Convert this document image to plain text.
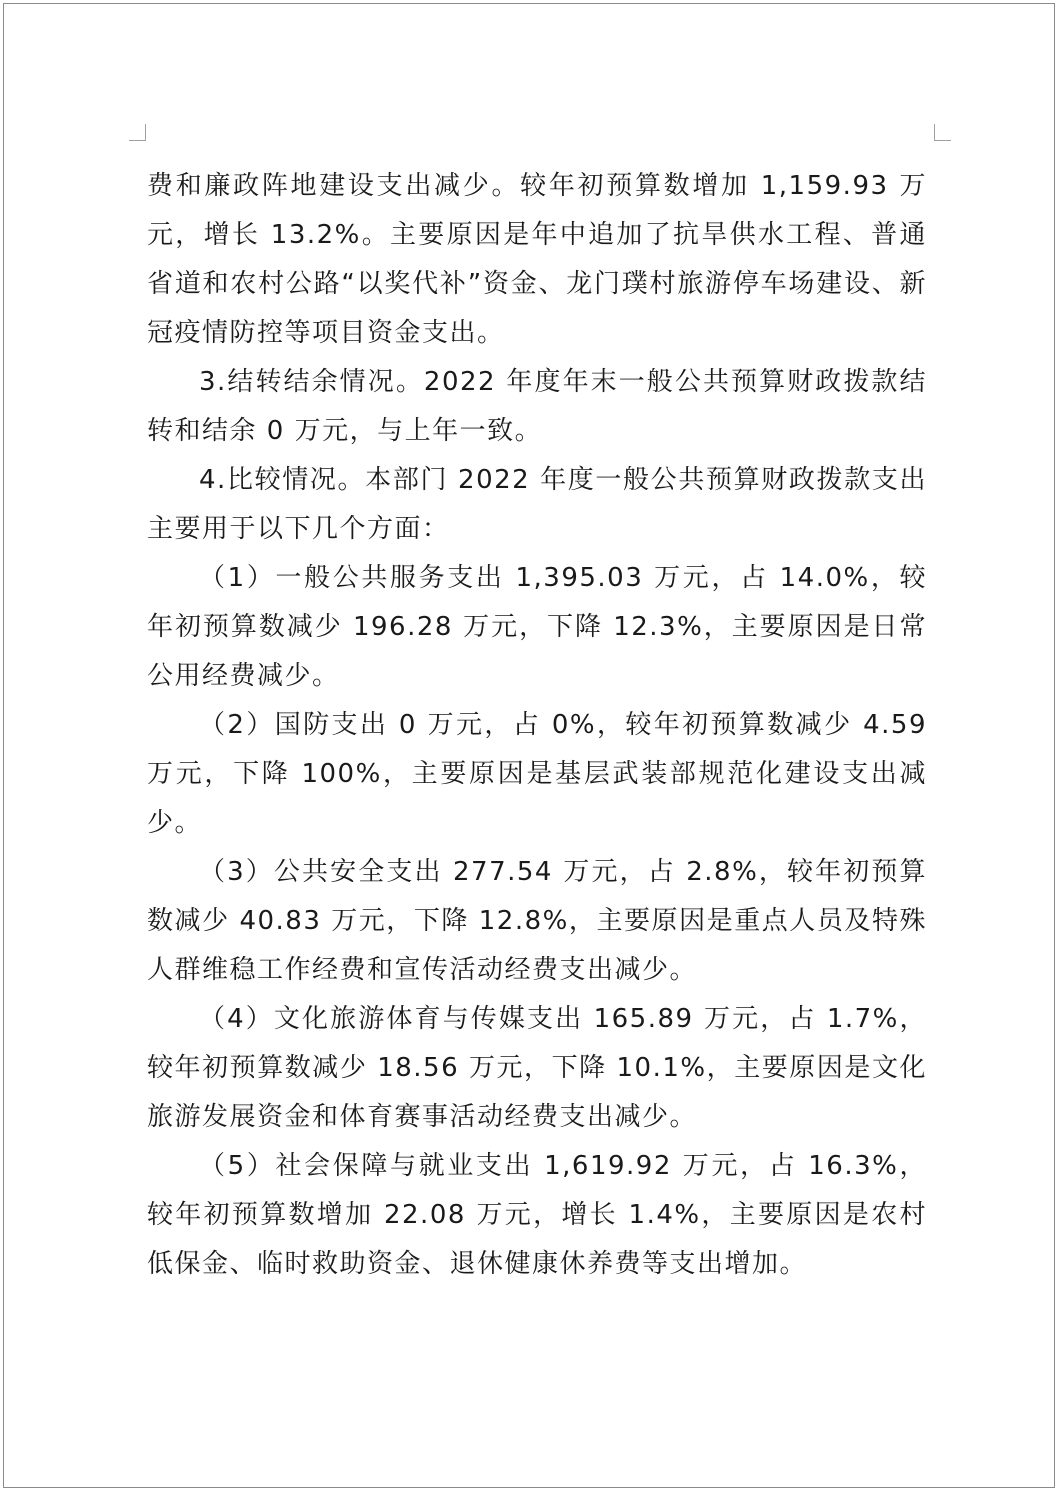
费和廉政阵地建设支出减少。较年初预算数增加 1,159.93 万元，增长 13.2%。主要原因是年中追加了抗旱供水工程、普通省道和农村公路“以奖代补”资金、龙门璞村旅游停车场建设、新冠疫情防控等项目资金支出。

3.结转结余情况。2022 年度年末一般公共预算财政拨款结转和结余 0 万元，与上年一致。

4.比较情况。本部门 2022 年度一般公共预算财政拨款支出主要用于以下几个方面：

（1）一般公共服务支出 1,395.03 万元，占 14.0%，较年初预算数减少 196.28 万元，下降 12.3%，主要原因是日常公用经费减少。

（2）国防支出 0 万元，占 0%，较年初预算数减少 4.59 万元，下降 100%，主要原因是基层武装部规范化建设支出减少。

（3）公共安全支出 277.54 万元，占 2.8%，较年初预算数减少 40.83 万元，下降 12.8%，主要原因是重点人员及特殊人群维稳工作经费和宣传活动经费支出减少。

（4）文化旅游体育与传媒支出 165.89 万元，占 1.7%，较年初预算数减少 18.56 万元，下降 10.1%，主要原因是文化旅游发展资金和体育赛事活动经费支出减少。

（5）社会保障与就业支出 1,619.92 万元，占 16.3%，较年初预算数增加 22.08 万元，增长 1.4%，主要原因是农村低保金、临时救助资金、退休健康休养费等支出增加。
